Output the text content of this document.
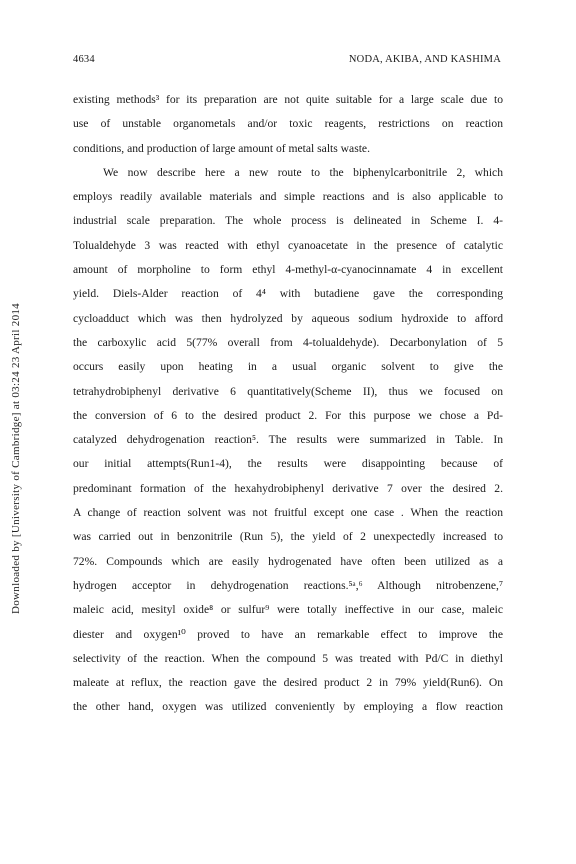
4634	NODA, AKIBA, AND KASHIMA
Downloaded by [University of Cambridge] at 03:24 23 April 2014
existing methods³ for its preparation are not quite suitable for a large scale due to
use of unstable organometals and/or toxic reagents, restrictions on reaction
conditions, and production of large amount of metal salts waste.
We now describe here a new route to the biphenylcarbonitrile 2, which
employs readily available materials and simple reactions and is also applicable to
industrial scale preparation. The whole process is delineated in Scheme I. 4-
Tolualdehyde 3 was reacted with ethyl cyanoacetate in the presence of catalytic
amount of morpholine to form ethyl 4-methyl-α-cyanocinnamate 4 in excellent
yield. Diels-Alder reaction of 4⁴ with butadiene gave the corresponding
cycloadduct which was then hydrolyzed by aqueous sodium hydroxide to afford
the carboxylic acid 5(77% overall from 4-tolualdehyde). Decarbonylation of 5
occurs easily upon heating in a usual organic solvent to give the
tetrahydrobiphenyl derivative 6 quantitatively(Scheme II), thus we focused on
the conversion of 6 to the desired product 2. For this purpose we chose a Pd-
catalyzed dehydrogenation reaction⁵. The results were summarized in Table. In
our initial attempts(Run1-4), the results were disappointing because of
predominant formation of the hexahydrobiphenyl derivative 7 over the desired 2.
A change of reaction solvent was not fruitful except one case . When the reaction
was carried out in benzonitrile (Run 5), the yield of 2 unexpectedly increased to
72%. Compounds which are easily hydrogenated have often been utilized as a
hydrogen acceptor in dehydrogenation reactions.⁵ᵃ,⁶ Although nitrobenzene,⁷
maleic acid, mesityl oxide⁸ or sulfur⁹ were totally ineffective in our case, maleic
diester and oxygen¹⁰ proved to have an remarkable effect to improve the
selectivity of the reaction. When the compound 5 was treated with Pd/C in diethyl
maleate at reflux, the reaction gave the desired product 2 in 79% yield(Run6). On
the other hand, oxygen was utilized conveniently by employing a flow reaction
